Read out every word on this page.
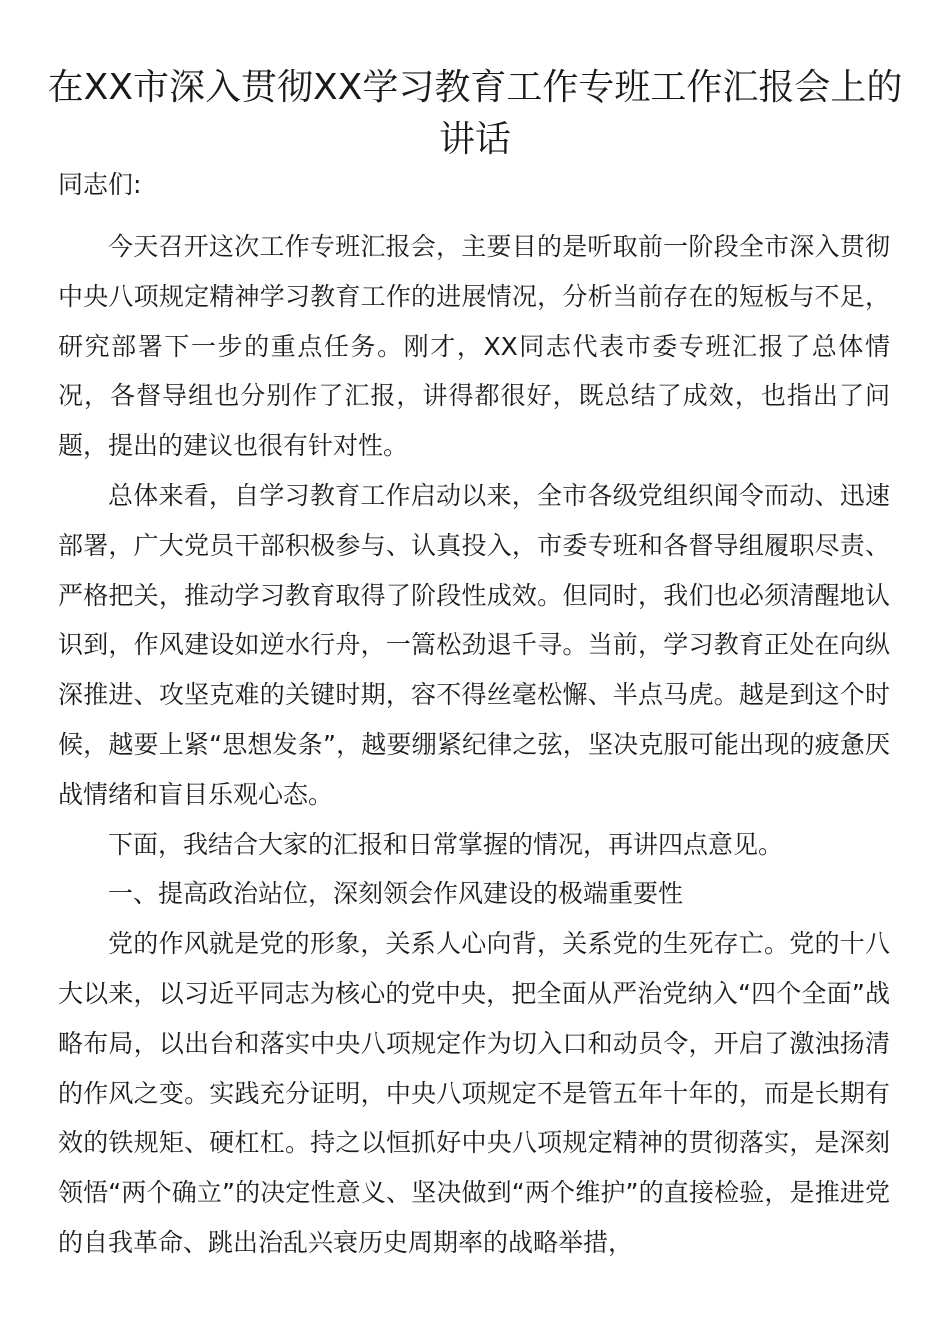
在XX市深入贯彻XX学习教育工作专班工作汇报会上的讲话

同志们:

今天召开这次工作专班汇报会，主要目的是听取前一阶段全市深入贯彻中央八项规定精神学习教育工作的进展情况，分析当前存在的短板与不足，研究部署下一步的重点任务。刚才，XX同志代表市委专班汇报了总体情况，各督导组也分别作了汇报，讲得都很好，既总结了成效，也指出了问题，提出的建议也很有针对性。

总体来看，自学习教育工作启动以来，全市各级党组织闻令而动、迅速部署，广大党员干部积极参与、认真投入，市委专班和各督导组履职尽责、严格把关，推动学习教育取得了阶段性成效。但同时，我们也必须清醒地认识到，作风建设如逆水行舟，一篙松劲退千寻。当前，学习教育正处在向纵深推进、攻坚克难的关键时期，容不得丝毫松懈、半点马虎。越是到这个时候，越要上紧“思想发条”，越要绷紧纪律之弦，坚决克服可能出现的疲惫厌战情绪和盲目乐观心态。

下面，我结合大家的汇报和日常掌握的情况，再讲四点意见。

一、提高政治站位，深刻领会作风建设的极端重要性

党的作风就是党的形象，关系人心向背，关系党的生死存亡。党的十八大以来，以习近平同志为核心的党中央，把全面从严治党纳入“四个全面”战略布局，以出台和落实中央八项规定作为切入口和动员令，开启了激浊扬清的作风之变。实践充分证明，中央八项规定不是管五年十年的，而是长期有效的铁规矩、硬杠杠。持之以恒抓好中央八项规定精神的贯彻落实，是深刻领悟“两个确立”的决定性意义、坚决做到“两个维护”的直接检验，是推进党的自我革命、跳出治乱兴衰历史周期率的战略举措，
